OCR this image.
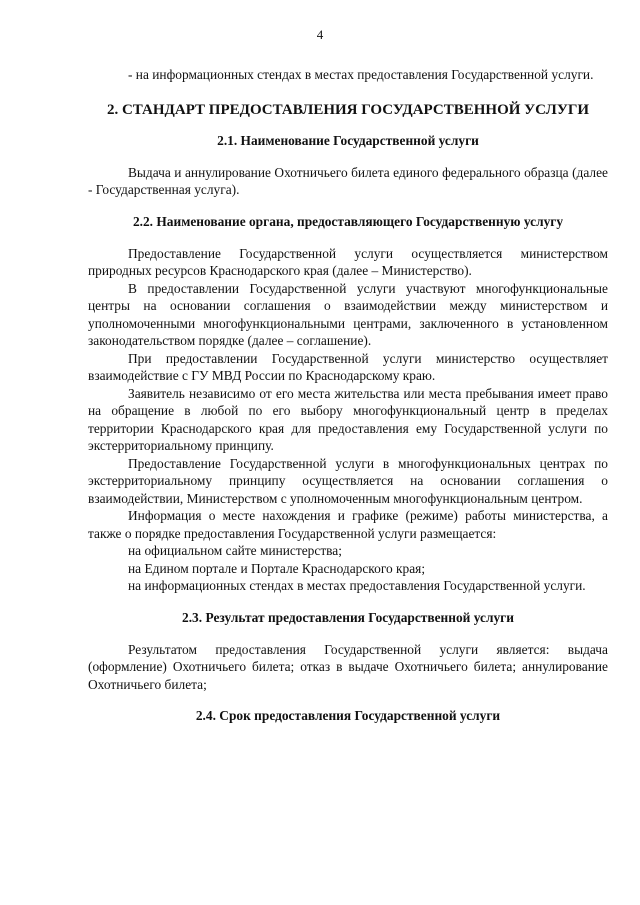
4

- на информационных стендах в местах предоставления Государственной услуги.

2. СТАНДАРТ ПРЕДОСТАВЛЕНИЯ ГОСУДАРСТВЕННОЙ УСЛУГИ
2.1. Наименование Государственной услуги

Выдача и аннулирование Охотничьего билета единого федерального образца (далее - Государственная услуга).

2.2. Наименование органа, предоставляющего Государственную услугу

Предоставление Государственной услуги осуществляется министерством природных ресурсов Краснодарского края (далее – Министерство).

В предоставлении Государственной услуги участвуют многофункциональные центры на основании соглашения о взаимодействии между министерством и уполномоченными многофункциональными центрами, заключенного в установленном законодательством порядке (далее – соглашение).

При предоставлении Государственной услуги министерство осуществляет взаимодействие с ГУ МВД России по Краснодарскому краю.

Заявитель независимо от его места жительства или места пребывания имеет право на обращение в любой по его выбору многофункциональный центр в пределах территории Краснодарского края для предоставления ему Государственной услуги по экстерриториальному принципу.

Предоставление Государственной услуги в многофункциональных центрах по экстерриториальному принципу осуществляется на основании соглашения о взаимодействии, Министерством с уполномоченным многофункциональным центром.

Информация о месте нахождения и графике (режиме) работы министерства, а также о порядке предоставления Государственной услуги размещается:

на официальном сайте министерства;

на Едином портале и Портале Краснодарского края;

на информационных стендах в местах предоставления Государственной услуги.

2.3. Результат предоставления Государственной услуги

Результатом предоставления Государственной услуги является: выдача (оформление) Охотничьего билета; отказ в выдаче Охотничьего билета; аннулирование Охотничьего билета;

2.4. Срок предоставления Государственной услуги
